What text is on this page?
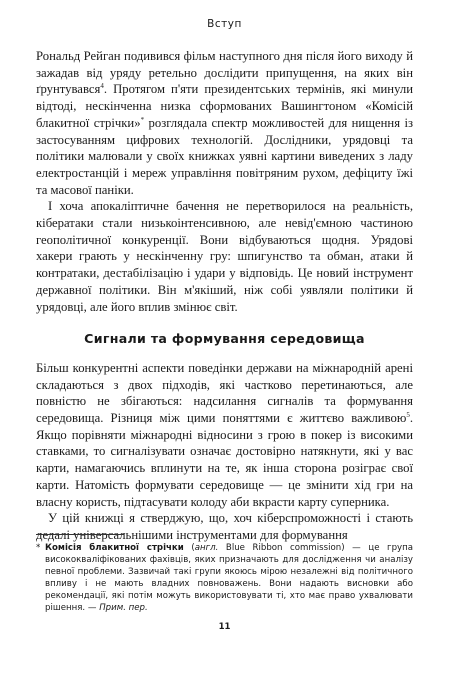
Вступ

Рональд Рейган подивився фільм наступного дня після його виходу й зажадав від уряду ретельно дослідити припущення, на яких він ґрунтувався$^4$. Протягом п'яти президентських термінів, які минули відтоді, нескінченна низка сформованих Вашингтоном «Комісій блакитної стрічки»* розглядала спектр можливостей для нищення із застосуванням цифрових технологій. Дослідники, урядовці та політики малювали у своїх книжках уявні картини виведених з ладу електростанцій і мереж управління повітряним рухом, дефіциту їжі та масової паніки.

І хоча апокаліптичне бачення не перетворилося на реальність, кібератаки стали низькоінтенсивною, але невід'ємною частиною геополітичної конкуренції. Вони відбуваються щодня. Урядові хакери грають у нескінченну гру: шпигунство та обман, атаки й контратаки, дестабілізацію і удари у відповідь. Це новий інструмент державної політики. Він м'якіший, ніж собі уявляли політики й урядовці, але його вплив змінює світ.

Сигнали та формування середовища

Більш конкурентні аспекти поведінки держави на міжнародній арені складаються з двох підходів, які частково перетинаються, але повністю не збігаються: надсилання сигналів та формування середовища. Різниця між цими поняттями є життєво важливою$^5$. Якщо порівняти міжнародні відносини з грою в покер із високими ставками, то сигналізувати означає достовірно натякнути, які у вас карти, намагаючись вплинути на те, як інша сторона розіграє свої карти. Натомість формувати середовище — це змінити хід гри на власну користь, підтасувати колоду аби вкрасти карту суперника.

У цій книжці я стверджую, що, хоч кіберспроможності і стають дедалі універсальнішими інструментами для формування

* Комісія блакитної стрічки (англ. Blue Ribbon commission) — це група висококваліфікованих фахівців, яких призначають для дослідження чи аналізу певної проблеми. Зазвичай такі групи якоюсь мірою незалежні від політичного впливу і не мають владних повноважень. Вони надають висновки або рекомендації, які потім можуть використовувати ті, хто має право ухвалювати рішення. — Прим. пер.
11
